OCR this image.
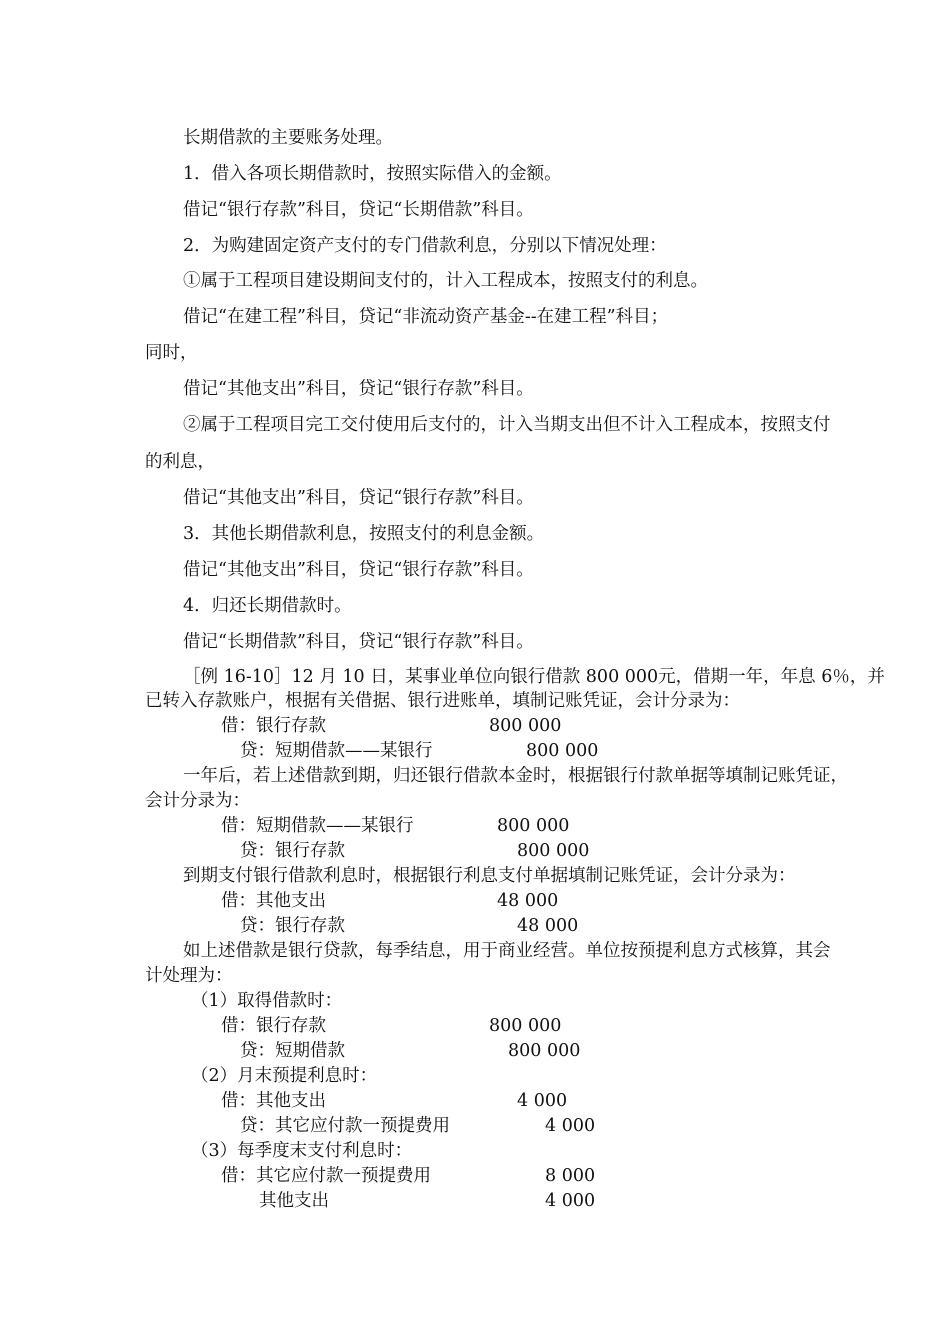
长期借款的主要账务处理。
1．借入各项长期借款时，按照实际借入的金额。
借记“银行存款”科目，贷记“长期借款”科目。
2．为购建固定资产支付的专门借款利息，分别以下情况处理：
①属于工程项目建设期间支付的，计入工程成本，按照支付的利息。
借记“在建工程”科目，贷记“非流动资产基金--在建工程”科目；
同时，
借记“其他支出”科目，贷记“银行存款”科目。
②属于工程项目完工交付使用后支付的，计入当期支出但不计入工程成本，按照支付
的利息，
借记“其他支出”科目，贷记“银行存款”科目。
3．其他长期借款利息，按照支付的利息金额。
借记“其他支出”科目，贷记“银行存款”科目。
4．归还长期借款时。
借记“长期借款”科目，贷记“银行存款”科目。
［例 16-10］12 月 10 日，某事业单位向银行借款 800 000元，借期一年，年息 6％，并
已转入存款账户，根据有关借据、银行进账单，填制记账凭证，会计分录为：
借：银行存款	800 000
贷：短期借款——某银行	800 000
一年后，若上述借款到期，归还银行借款本金时，根据银行付款单据等填制记账凭证，
会计分录为：
借：短期借款——某银行	800 000
贷：银行存款	800 000
到期支付银行借款利息时，根据银行利息支付单据填制记账凭证，会计分录为：
借：其他支出	48 000
贷：银行存款	48 000
如上述借款是银行贷款，每季结息，用于商业经营。单位按预提利息方式核算，其会
计处理为：
（1）取得借款时：
借：银行存款	800 000
贷：短期借款	800 000
（2）月末预提利息时：
借：其他支出	4 000
贷：其它应付款一预提费用	4 000
（3）每季度末支付利息时：
借：其它应付款一预提费用	8 000
其他支出	4 000
